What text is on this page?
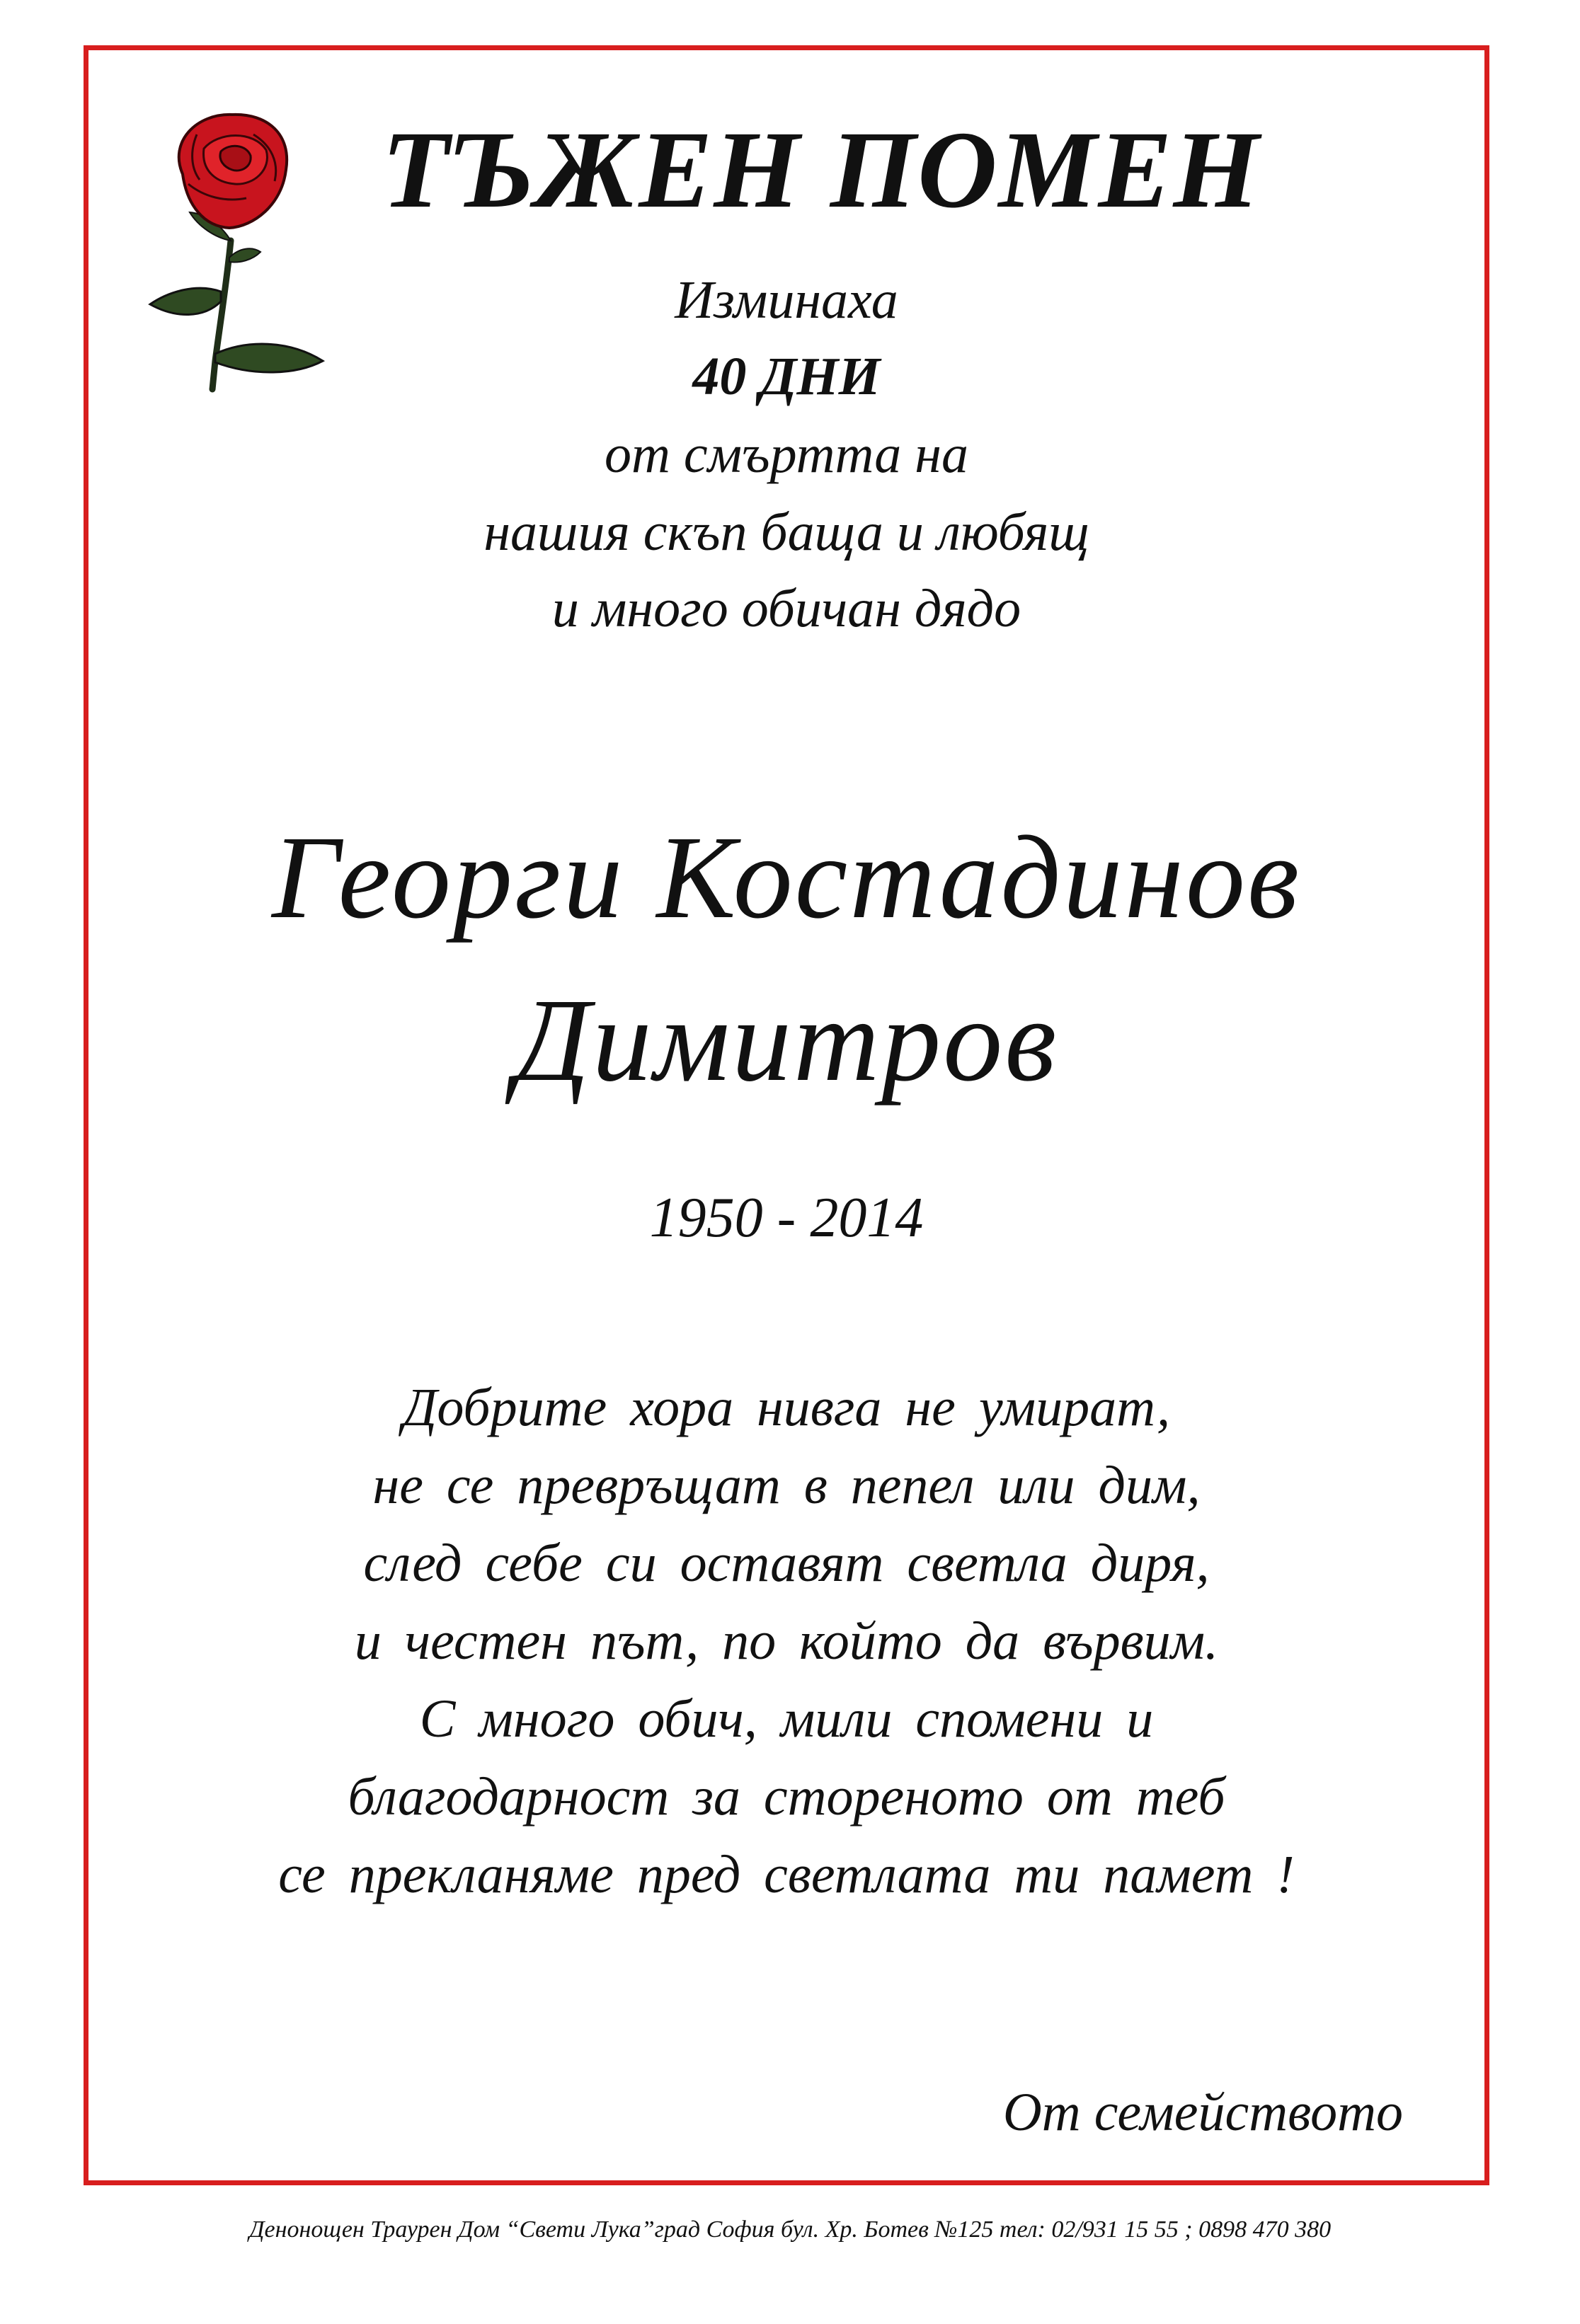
ТЪЖЕН ПОМЕН

Изминаха

40 ДНИ

от смъртта на

нашия скъп баща и любящ

и много обичан дядо

Георги Костадинов

Димитров

1950 - 2014

Добрите хора нивга не умират,

не се превръщат в пепел или дим,

след себе си оставят светла диря,

и честен път, по който да вървим.

С много обич, мили спомени и

благодарност за стореното от теб

се прекланяме пред светлата ти памет !

От семейството

Денонощен Траурен Дом “Свети Лука”град София бул. Хр. Ботев №125 тел: 02/931 15 55 ; 0898 470 380
